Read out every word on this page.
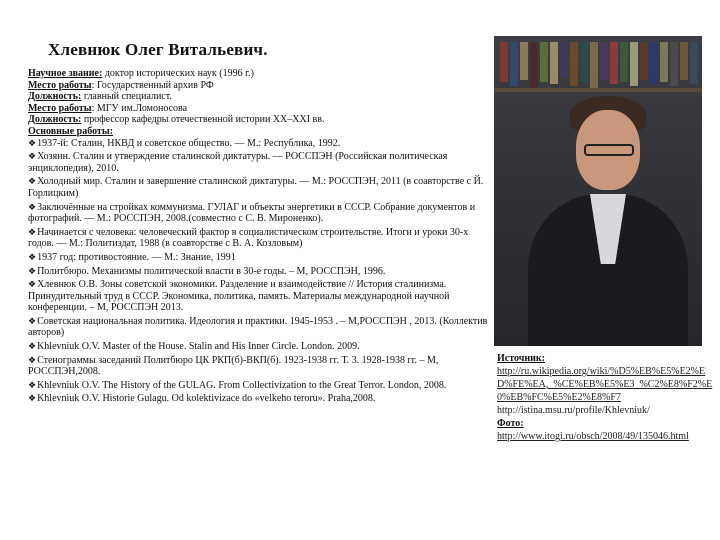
Хлевнюк Олег Витальевич.

Научное звание: доктор исторических наук (1996 г.)

Место работы: Государственный архив РФ

Должность: главный специалист.

Место работы: МГУ им.Ломоносова

Должность: профессор кафедры отечественной истории XX–XXI вв.

Основные работы:

❖1937-й: Сталин, НКВД и советское общество. — М.: Республика, 1992.

❖Хозяин. Сталин и утверждение сталинской диктатуры. — РОССПЭН (Российская политическая энциклопедия), 2010.

❖Холодный мир. Сталин и завершение сталинской диктатуры. — М.: РОССПЭН, 2011 (в соавторстве с Й. Горлицким)

❖Заключённые на стройках коммунизма. ГУЛАГ и объекты энергетики в СССР. Собрание документов и фотографий. — М.: РОССПЭН, 2008.(совместно с С. В. Мироненко).

❖Начинается с человека: человеческий фактор в социалистическом строительстве. Итоги и уроки 30-х годов. — М.: Политиздат, 1988 (в соавторстве с В. А. Козловым)

❖1937 год: противостояние. — М.: Знание, 1991

❖Политбюро. Механизмы политической власти в 30-е годы. – М, РОССПЭН, 1996.

❖Хлевнюк О.В. Зоны советской экономики. Разделение и взаимодействие // История сталинизма. Принудительный труд в СССР. Экономика, политика, память. Материалы международной научной конференции. – М, РОССПЭН 2013.

❖Советская национальная политика. Идеология и практики. 1945-1953 . – М,РОССПЭН , 2013. (Коллектив авторов)

❖Khlevniuk O.V. Master of the House. Stalin and His Inner Circle. London. 2009.

❖Стенограммы заседаний Политбюро ЦК РКП(б)-ВКП(б). 1923-1938 гг. Т. 3. 1928-1938 гг. – М, РОССПЭН,2008.

❖Khlevniuk O.V. The History of the GULAG. From Collectivization to the Great Terror. London, 2008.

❖Khlevniuk O.V. Historie Gulagu. Od kolektivizace do «velkeho teroru». Praha,2008.

Источник:
http://ru.wikipedia.org/wiki/%D5%EB%E5%E2%ED%FE%EA,_%CE%EB%E5%E3_%C2%E8%F2%E0%EB%FC%E5%E2%E8%F7
http://istina.msu.ru/profile/Khlevniuk/
Фото:
http://www.itogi.ru/obsch/2008/49/135046.html
